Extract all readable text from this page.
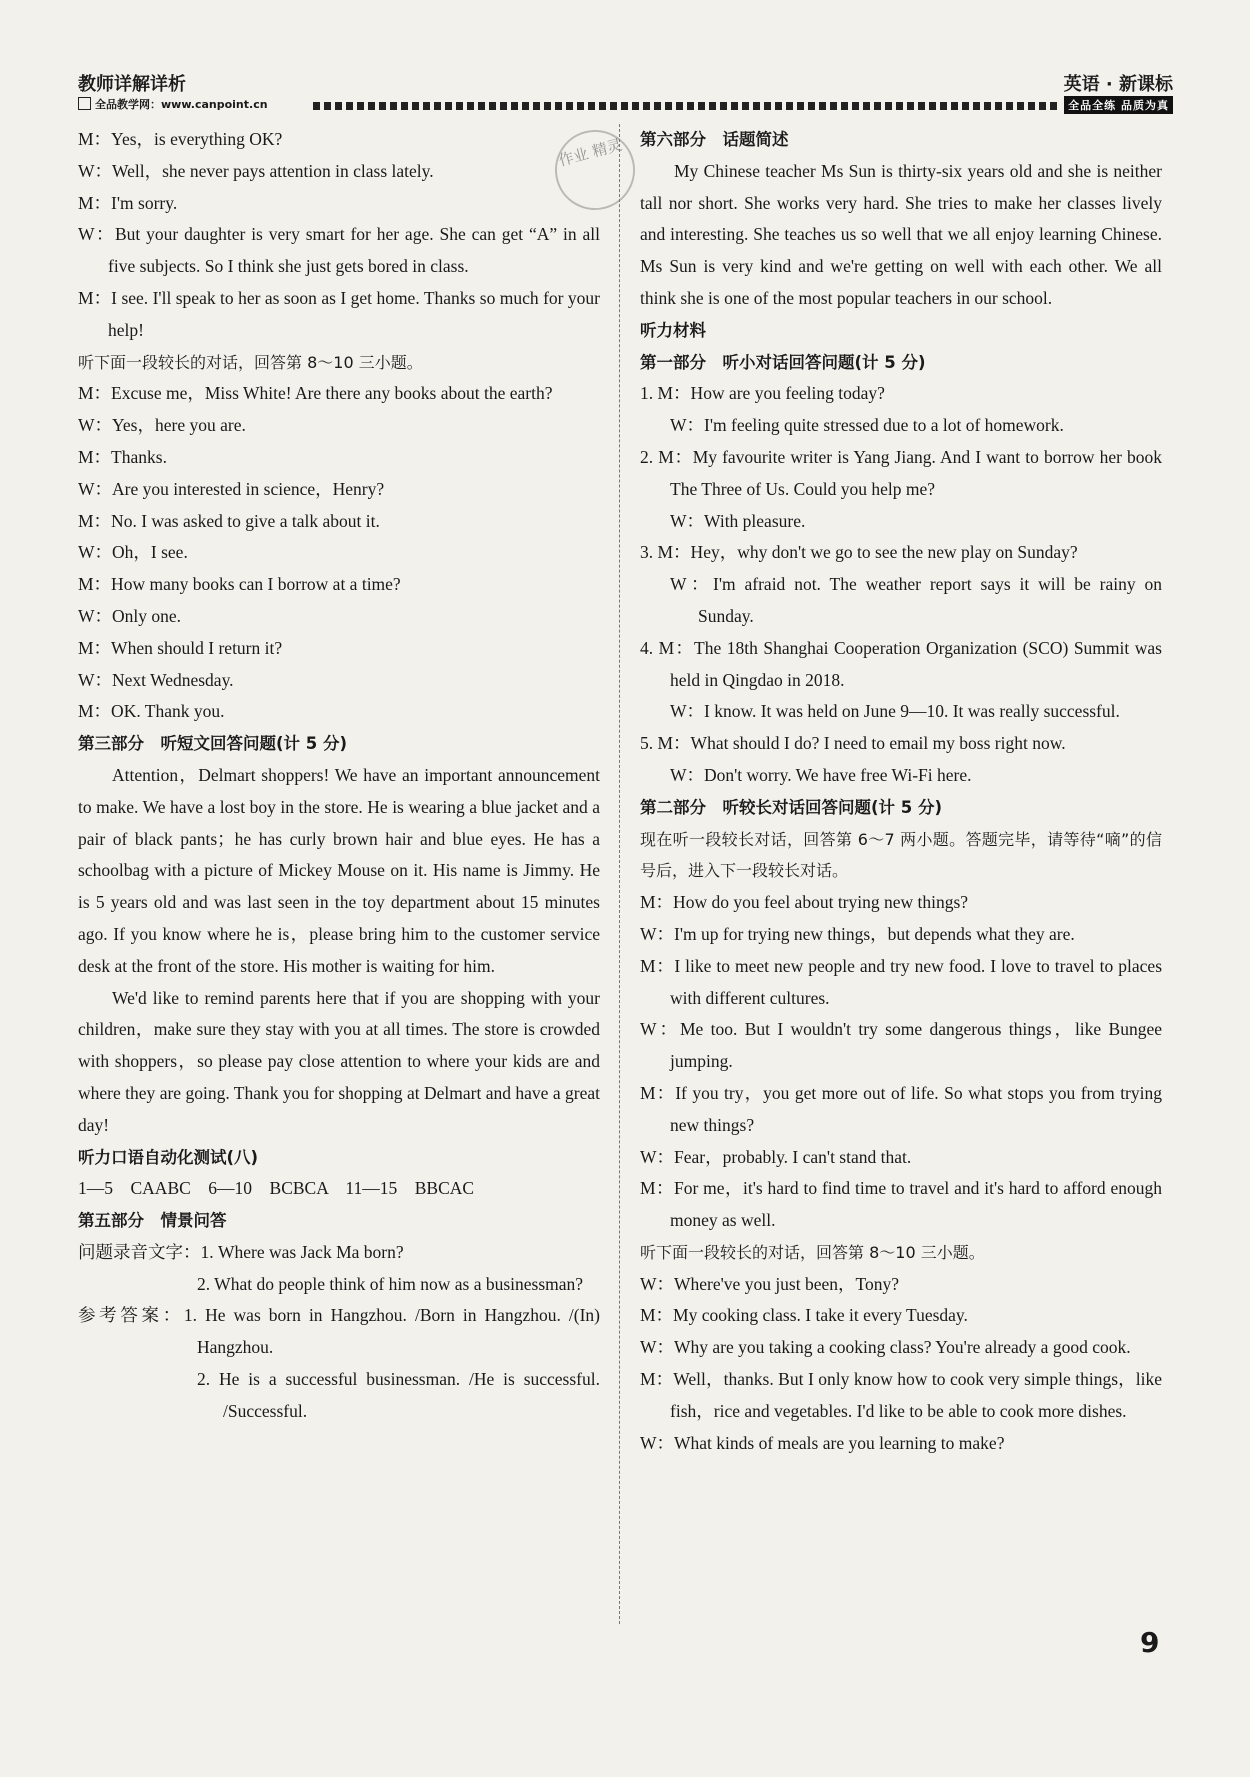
教师详解详析
全品教学网：www.canpoint.cn
英语 · 新课标
全品全练 品质为真
作业 精灵
M：Yes，is everything OK?
W：Well，she never pays attention in class lately.
M：I'm sorry.
W：But your daughter is very smart for her age. She can get “A” in all five subjects. So I think she just gets bored in class.
M：I see. I'll speak to her as soon as I get home. Thanks so much for your help!
听下面一段较长的对话，回答第 8～10 三小题。
M：Excuse me，Miss White! Are there any books about the earth?
W：Yes，here you are.
M：Thanks.
W：Are you interested in science，Henry?
M：No. I was asked to give a talk about it.
W：Oh，I see.
M：How many books can I borrow at a time?
W：Only one.
M：When should I return it?
W：Next Wednesday.
M：OK. Thank you.
第三部分　听短文回答问题(计 5 分)
Attention，Delmart shoppers! We have an important announcement to make. We have a lost boy in the store. He is wearing a blue jacket and a pair of black pants；he has curly brown hair and blue eyes. He has a schoolbag with a picture of Mickey Mouse on it. His name is Jimmy. He is 5 years old and was last seen in the toy department about 15 minutes ago. If you know where he is，please bring him to the customer service desk at the front of the store. His mother is waiting for him.
We'd like to remind parents here that if you are shopping with your children，make sure they stay with you at all times. The store is crowded with shoppers，so please pay close attention to where your kids are and where they are going. Thank you for shopping at Delmart and have a great day!
听力口语自动化测试(八)
1—5　CAABC　6—10　BCBCA　11—15　BBCAC
第五部分　情景问答
问题录音文字：1. Where was Jack Ma born?
2. What do people think of him now as a businessman?
参考答案：1. He was born in Hangzhou. /Born in Hangzhou. /(In) Hangzhou.
2. He is a successful businessman. /He is successful. /Successful.
第六部分　话题简述
My Chinese teacher Ms Sun is thirty-six years old and she is neither tall nor short. She works very hard. She tries to make her classes lively and interesting. She teaches us so well that we all enjoy learning Chinese. Ms Sun is very kind and we're getting on well with each other. We all think she is one of the most popular teachers in our school.
听力材料
第一部分　听小对话回答问题(计 5 分)
1. M：How are you feeling today?
W：I'm feeling quite stressed due to a lot of homework.
2. M：My favourite writer is Yang Jiang. And I want to borrow her book The Three of Us. Could you help me?
W：With pleasure.
3. M：Hey，why don't we go to see the new play on Sunday?
W：I'm afraid not. The weather report says it will be rainy on Sunday.
4. M：The 18th Shanghai Cooperation Organization (SCO) Summit was held in Qingdao in 2018.
W：I know. It was held on June 9—10. It was really successful.
5. M：What should I do? I need to email my boss right now.
W：Don't worry. We have free Wi-Fi here.
第二部分　听较长对话回答问题(计 5 分)
现在听一段较长对话，回答第 6～7 两小题。答题完毕，请等待“嘀”的信号后，进入下一段较长对话。
M：How do you feel about trying new things?
W：I'm up for trying new things，but depends what they are.
M：I like to meet new people and try new food. I love to travel to places with different cultures.
W：Me too. But I wouldn't try some dangerous things，like Bungee jumping.
M：If you try，you get more out of life. So what stops you from trying new things?
W：Fear，probably. I can't stand that.
M：For me，it's hard to find time to travel and it's hard to afford enough money as well.
听下面一段较长的对话，回答第 8～10 三小题。
W：Where've you just been，Tony?
M：My cooking class. I take it every Tuesday.
W：Why are you taking a cooking class? You're already a good cook.
M：Well，thanks. But I only know how to cook very simple things，like fish，rice and vegetables. I'd like to be able to cook more dishes.
W：What kinds of meals are you learning to make?
9
